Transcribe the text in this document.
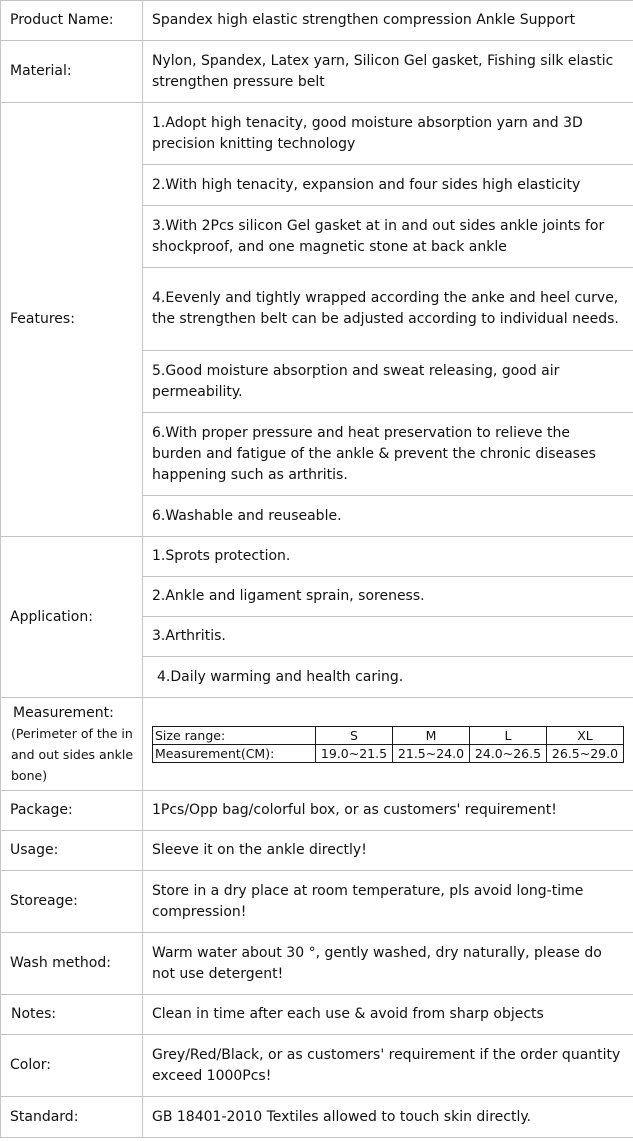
Product Name:	Spandex high elastic strengthen compression Ankle Support
Material:	Nylon, Spandex, Latex yarn, Silicon Gel gasket, Fishing silk elastic strengthen pressure belt
Features:	1.Adopt high tenacity, good moisture absorption yarn and 3D precision knitting technology
2.With high tenacity, expansion and four sides high elasticity
3.With 2Pcs silicon Gel gasket at in and out sides ankle joints for shockproof, and one magnetic stone at back ankle
4.Eevenly and tightly wrapped according the anke and heel curve, the strengthen belt can be adjusted according to individual needs.
5.Good moisture absorption and sweat releasing, good air permeability.
6.With proper pressure and heat preservation to relieve the burden and fatigue of the ankle & prevent the chronic diseases happening such as arthritis.
6.Washable and reuseable.
Application:	1.Sprots protection.
2.Ankle and ligament sprain, soreness.
3.Arthritis.
4.Daily warming and health caring.

Measurement:
(Perimeter of the in and out sides ankle bone)

Size range:	S	M	L	XL
Measurement(CM):	19.0~21.5	21.5~24.0	24.0~26.5	26.5~29.0

Package:	1Pcs/Opp bag/colorful box, or as customers' requirement!
Usage:	Sleeve it on the ankle directly!
Storeage:	Store in a dry place at room temperature, pls avoid long-time compression!
Wash method:	Warm water about 30 °, gently washed, dry naturally, please do not use detergent!
Notes:	Clean in time after each use & avoid from sharp objects
Color:	Grey/Red/Black, or as customers' requirement if the order quantity exceed 1000Pcs!
Standard:	GB 18401-2010 Textiles allowed to touch skin directly.
